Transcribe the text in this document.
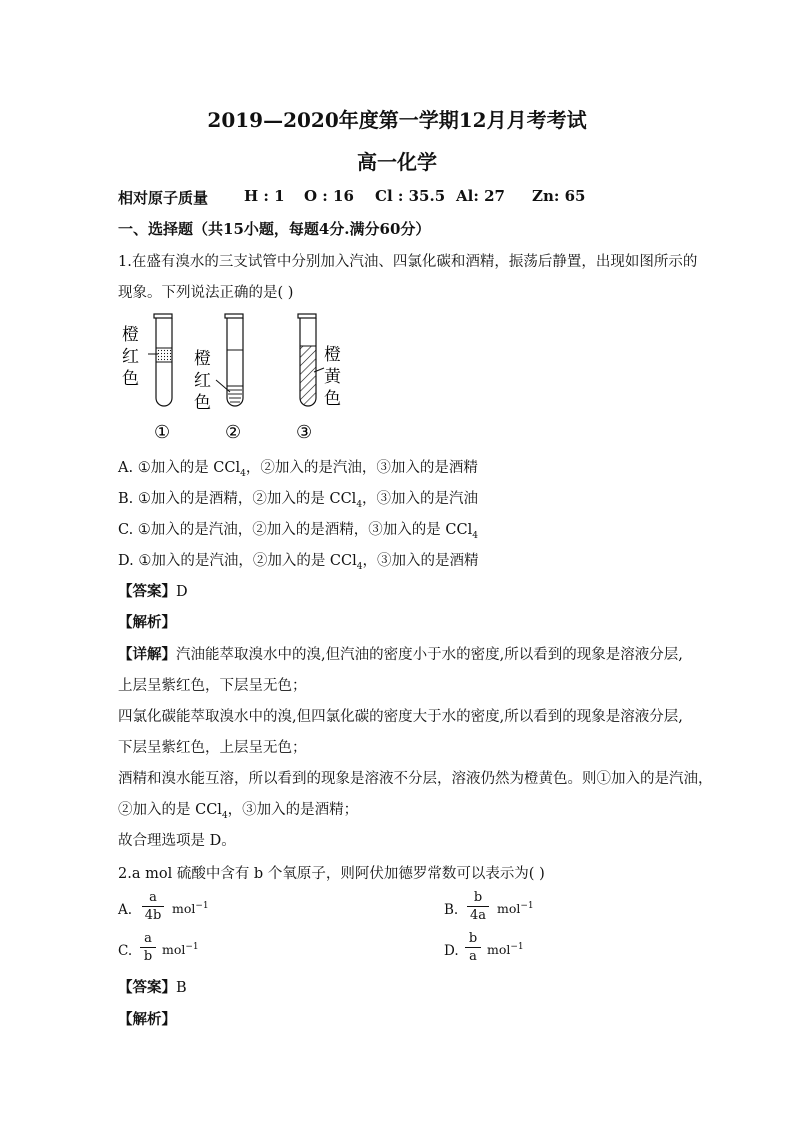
2019—2020年度第一学期12月月考考试
高一化学
相对原子质量 H : 1 O : 16 Cl : 35.5 Al: 27 Zn: 65
一、选择题（共15小题，每题4分.满分60分）
1.在盛有溴水的三支试管中分别加入汽油、四氯化碳和酒精，振荡后静置，出现如图所示的
现象。下列说法正确的是( )
橙
红
色
橙
红
色
橙
黄
色
①	②	③
A. ①加入的是 CCl$_4$，②加入的是汽油，③加入的是酒精
B. ①加入的是酒精，②加入的是 CCl$_4$，③加入的是汽油
C. ①加入的是汽油，②加入的是酒精，③加入的是 CCl$_4$
D. ①加入的是汽油，②加入的是 CCl$_4$，③加入的是酒精
【答案】D
【解析】
【详解】汽油能萃取溴水中的溴,但汽油的密度小于水的密度,所以看到的现象是溶液分层,
上层呈紫红色，下层呈无色；
四氯化碳能萃取溴水中的溴,但四氯化碳的密度大于水的密度,所以看到的现象是溶液分层,
下层呈紫红色，上层呈无色；
酒精和溴水能互溶，所以看到的现象是溶液不分层，溶液仍然为橙黄色。则①加入的是汽油，
②加入的是 CCl$_4$，③加入的是酒精；
故合理选项是 D。
2.a mol 硫酸中含有 b 个氧原子，则阿伏加德罗常数可以表示为( )
A.
a
4b mol$^{-1}$	B.
b
4a mol$^{-1}$
C.
a
b mol$^{-1}$	D.
b
a mol$^{-1}$
【答案】B
【解析】
